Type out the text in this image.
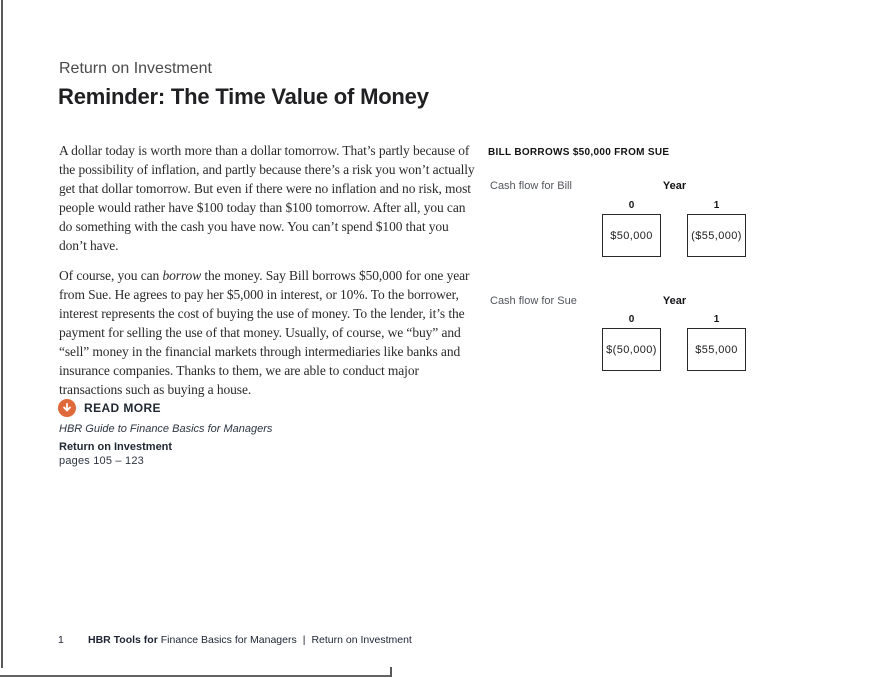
Return on Investment
Reminder: The Time Value of Money

A dollar today is worth more than a dollar tomorrow. That’s partly because of the possibility of inflation, and partly because there’s a risk you won’t actually get that dollar tomorrow. But even if there were no inflation and no risk, most people would rather have $100 today than $100 tomorrow. After all, you can do something with the cash you have now. You can’t spend $100 that you don’t have.

Of course, you can borrow the money. Say Bill borrows $50,000 for one year from Sue. He agrees to pay her $5,000 in interest, or 10%. To the borrower, interest represents the cost of buying the use of money. To the lender, it’s the payment for selling the use of that money. Usually, of course, we “buy” and “sell” money in the financial markets through intermediaries like banks and insurance companies. Thanks to them, we are able to conduct major transactions such as buying a house.

READ MORE
HBR Guide to Finance Basics for Managers
Return on Investment
pages 105 – 123
BILL BORROWS $50,000 FROM SUE
Cash flow for Bill	Year
0	1
$50,000	($55,000)
Cash flow for Sue	Year
0	1
$(50,000)	$55,000
1	HBR Tools for Finance Basics for Managers | Return on Investment
